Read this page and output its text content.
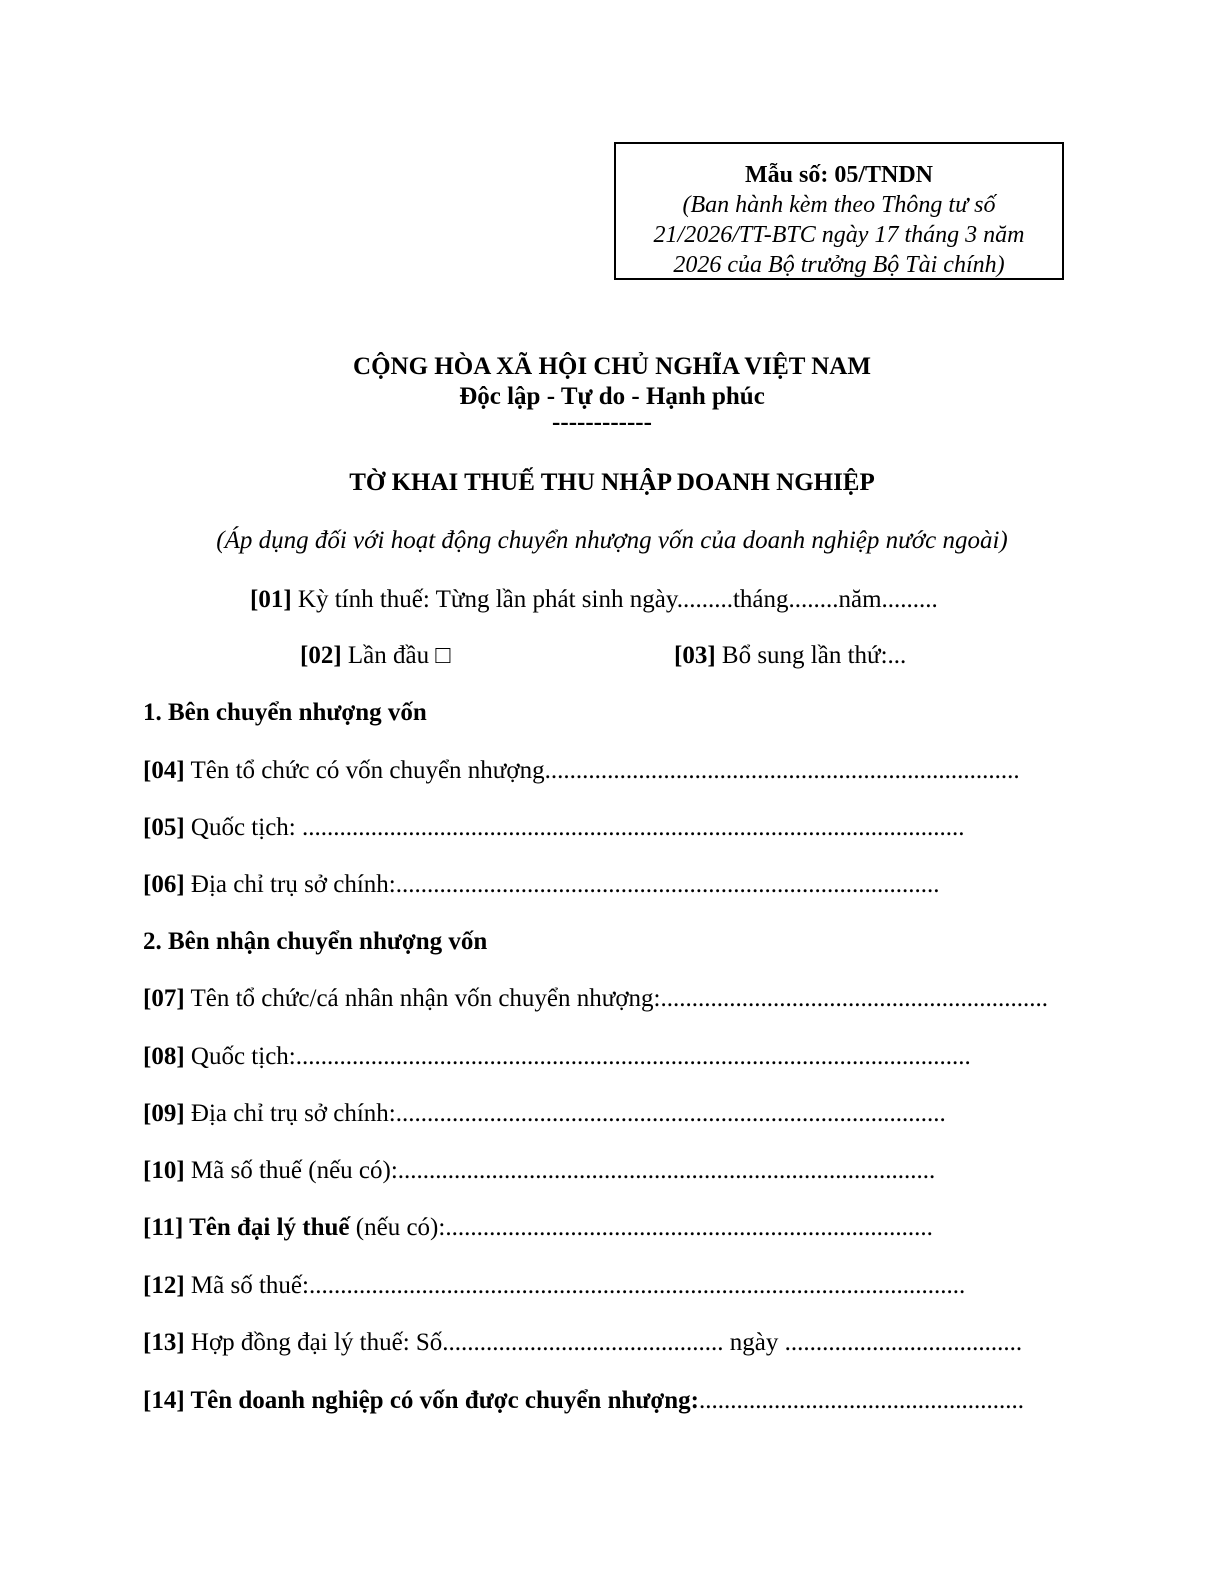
Mẫu số: 05/TNDN
(Ban hành kèm theo Thông tư số
21/2026/TT-BTC ngày 17 tháng 3 năm
2026 của Bộ trưởng Bộ Tài chính)
CỘNG HÒA XÃ HỘI CHỦ NGHĨA VIỆT NAM
Độc lập - Tự do - Hạnh phúc
------------
TỜ KHAI THUẾ THU NHẬP DOANH NGHIỆP
(Áp dụng đối với hoạt động chuyển nhượng vốn của doanh nghiệp nước ngoài)
[01] Kỳ tính thuế: Từng lần phát sinh ngày.........tháng........năm.........
[02] Lần đầu □	[03] Bổ sung lần thứ:...
1. Bên chuyển nhượng vốn
[04] Tên tổ chức có vốn chuyển nhượng............................................................................
[05] Quốc tịch: ..........................................................................................................
[06] Địa chỉ trụ sở chính:.......................................................................................
2. Bên nhận chuyển nhượng vốn
[07] Tên tổ chức/cá nhân nhận vốn chuyển nhượng:..............................................................
[08] Quốc tịch:............................................................................................................
[09] Địa chỉ trụ sở chính:........................................................................................
[10] Mã số thuế (nếu có):......................................................................................
[11] Tên đại lý thuế (nếu có):..............................................................................
[12] Mã số thuế:.........................................................................................................
[13] Hợp đồng đại lý thuế: Số............................................. ngày ......................................
[14] Tên doanh nghiệp có vốn được chuyển nhượng:....................................................
